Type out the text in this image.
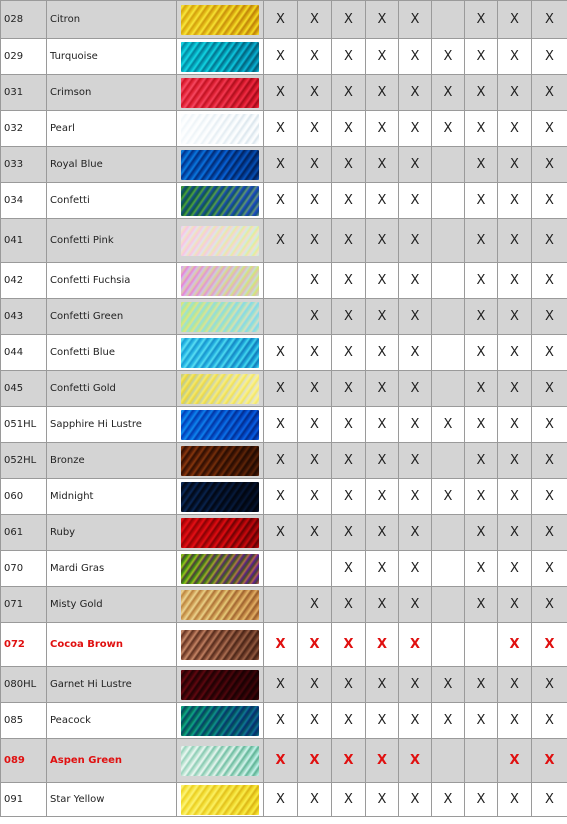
028	Citron		X	X	X	X	X		X	X	X
029	Turquoise		X	X	X	X	X	X	X	X	X
031	Crimson		X	X	X	X	X	X	X	X	X
032	Pearl		X	X	X	X	X	X	X	X	X
033	Royal Blue		X	X	X	X	X		X	X	X
034	Confetti		X	X	X	X	X		X	X	X
041	Confetti Pink		X	X	X	X	X		X	X	X
042	Confetti Fuchsia			X	X	X	X		X	X	X
043	Confetti Green			X	X	X	X		X	X	X
044	Confetti Blue		X	X	X	X	X		X	X	X
045	Confetti Gold		X	X	X	X	X		X	X	X
051HL	Sapphire Hi Lustre		X	X	X	X	X	X	X	X	X
052HL	Bronze		X	X	X	X	X		X	X	X
060	Midnight		X	X	X	X	X	X	X	X	X
061	Ruby		X	X	X	X	X		X	X	X
070	Mardi Gras				X	X	X		X	X	X
071	Misty Gold			X	X	X	X		X	X	X
072	Cocoa Brown		X	X	X	X	X			X	X
080HL	Garnet Hi Lustre		X	X	X	X	X	X	X	X	X
085	Peacock		X	X	X	X	X	X	X	X	X
089	Aspen Green		X	X	X	X	X			X	X
091	Star Yellow		X	X	X	X	X	X	X	X	X
